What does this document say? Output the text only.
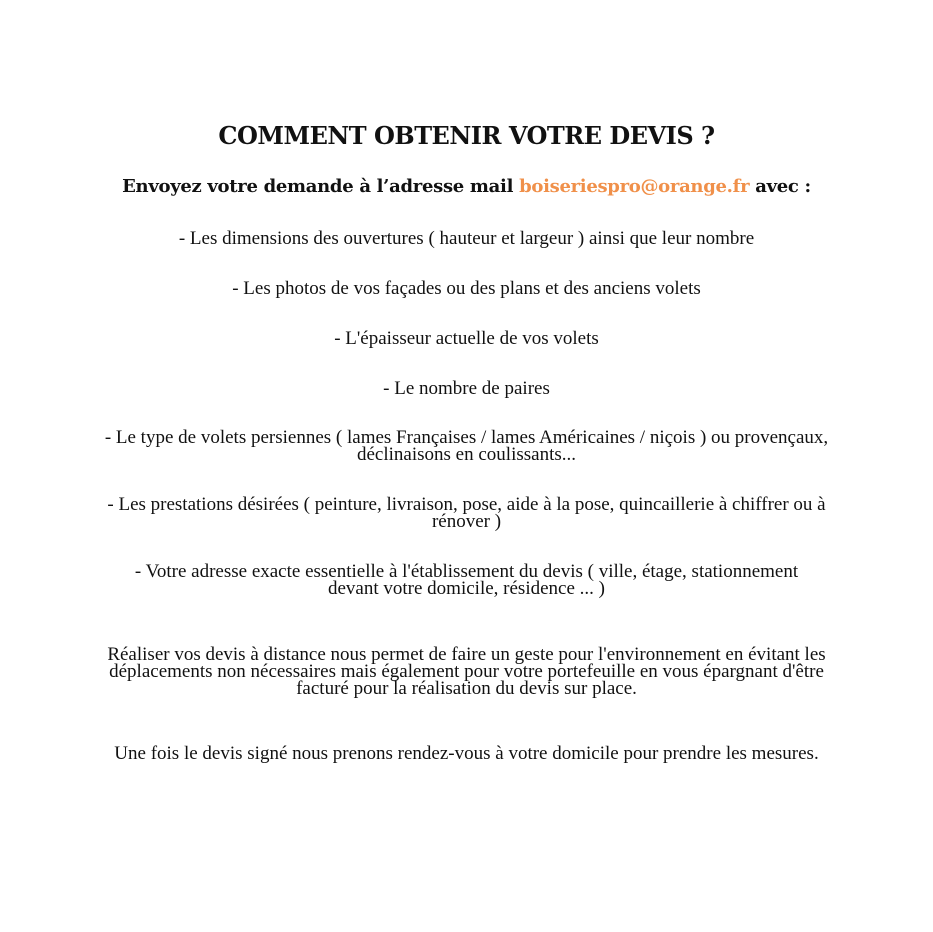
COMMENT OBTENIR VOTRE DEVIS ?

Envoyez votre demande à l’adresse mail boiseriespro@orange.fr avec :

- Les dimensions des ouvertures ( hauteur et largeur ) ainsi que leur nombre

- Les photos de vos façades ou des plans et des anciens volets

- L'épaisseur actuelle de vos volets

- Le nombre de paires

- Le type de volets persiennes ( lames Françaises / lames Américaines / niçois ) ou provençaux, déclinaisons en coulissants...

- Les prestations désirées ( peinture, livraison, pose, aide à la pose, quincaillerie à chiffrer ou à rénover )

- Votre adresse exacte essentielle à l'établissement du devis ( ville, étage, stationnement devant votre domicile, résidence ... )

Réaliser vos devis à distance nous permet de faire un geste pour l'environnement en évitant les déplacements non nécessaires mais également pour votre portefeuille en vous épargnant d'être facturé pour la réalisation du devis sur place.

Une fois le devis signé nous prenons rendez-vous à votre domicile pour prendre les mesures.
